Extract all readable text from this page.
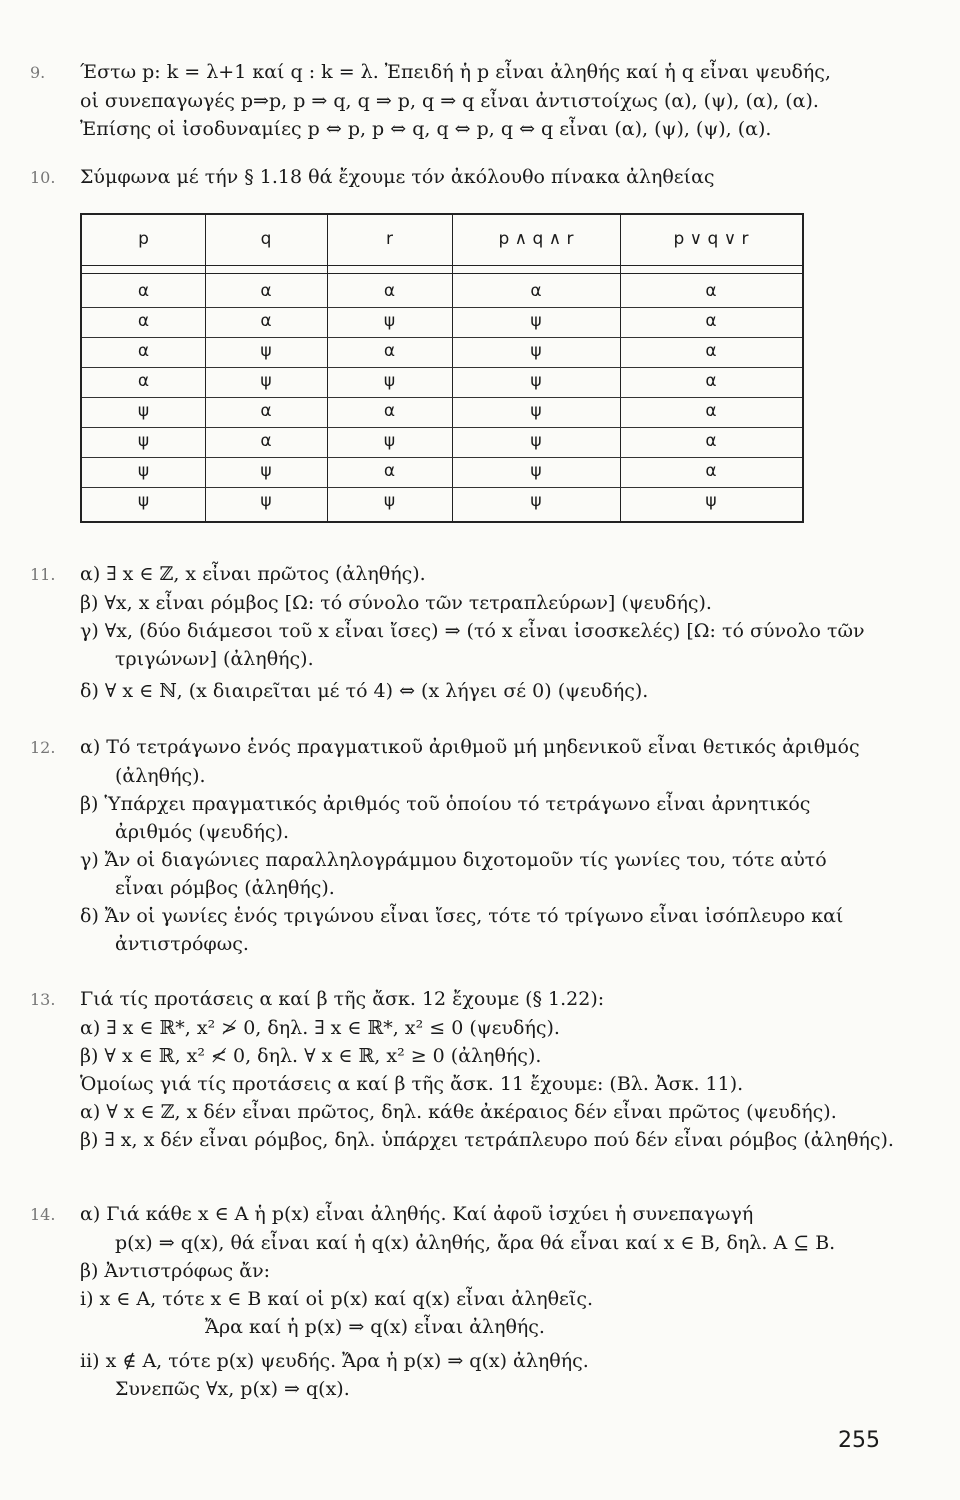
9. Έστω p: k = λ+1 καί q : k = λ. Ἐπειδή ἡ p εἶναι ἀληθής καί ἡ q εἶναι ψευδής,
οἱ συνεπαγωγές p⇒p, p ⇒ q, q ⇒ p, q ⇒ q εἶναι ἀντιστοίχως (α), (ψ), (α), (α).
Ἐπίσης οἱ ἰσοδυναμίες p ⇔ p, p ⇔ q, q ⇔ p, q ⇔ q εἶναι (α), (ψ), (ψ), (α).
10. Σύμφωνα μέ τήν § 1.18 θά ἔχουμε τόν ἀκόλουθο πίνακα ἀληθείας
p	q	r	p ∧ q ∧ r	p ∨ q ∨ r
α	α	α	α	α
α	α	ψ	ψ	α
α	ψ	α	ψ	α
α	ψ	ψ	ψ	α
ψ	α	α	ψ	α
ψ	α	ψ	ψ	α
ψ	ψ	α	ψ	α
ψ	ψ	ψ	ψ	ψ
11. α) ∃ x ∈ ℤ, x εἶναι πρῶτος (ἀληθής).
β) ∀x, x εἶναι ρόμβος [Ω: τό σύνολο τῶν τετραπλεύρων] (ψευδής).
γ) ∀x, (δύο διάμεσοι τοῦ x εἶναι ἴσες) ⇒ (τό x εἶναι ἰσοσκελές) [Ω: τό σύνολο τῶν
τριγώνων] (ἀληθής).
δ) ∀ x ∈ ℕ, (x διαιρεῖται μέ τό 4) ⇔ (x λήγει σέ 0) (ψευδής).
12. α) Τό τετράγωνο ἑνός πραγματικοῦ ἀριθμοῦ μή μηδενικοῦ εἶναι θετικός ἀριθμός
(ἀληθής).
β) Ὑπάρχει πραγματικός ἀριθμός τοῦ ὁποίου τό τετράγωνο εἶναι ἀρνητικός
ἀριθμός (ψευδής).
γ) Ἄν οἱ διαγώνιες παραλληλογράμμου διχοτομοῦν τίς γωνίες του, τότε αὐτό
εἶναι ρόμβος (ἀληθής).
δ) Ἄν οἱ γωνίες ἑνός τριγώνου εἶναι ἴσες, τότε τό τρίγωνο εἶναι ἰσόπλευρο καί
ἀντιστρόφως.
13. Γιά τίς προτάσεις α καί β τῆς ἄσκ. 12 ἔχουμε (§ 1.22):
α) ∃ x ∈ ℝ*, x² ≯ 0, δηλ. ∃ x ∈ ℝ*, x² ≤ 0 (ψευδής).
β) ∀ x ∈ ℝ, x² ≮ 0, δηλ. ∀ x ∈ ℝ, x² ≥ 0 (ἀληθής).
Ὁμοίως γιά τίς προτάσεις α καί β τῆς ἄσκ. 11 ἔχουμε: (Βλ. Ἀσκ. 11).
α) ∀ x ∈ ℤ, x δέν εἶναι πρῶτος, δηλ. κάθε ἀκέραιος δέν εἶναι πρῶτος (ψευδής).
β) ∃ x, x δέν εἶναι ρόμβος, δηλ. ὑπάρχει τετράπλευρο πού δέν εἶναι ρόμβος (ἀληθής).
14. α) Γιά κάθε x ∈ A ἡ p(x) εἶναι ἀληθής. Καί ἀφοῦ ἰσχύει ἡ συνεπαγωγή
p(x) ⇒ q(x), θά εἶναι καί ἡ q(x) ἀληθής, ἄρα θά εἶναι καί x ∈ B, δηλ. A ⊆ B.
β) Ἀντιστρόφως ἄν:
i) x ∈ A, τότε x ∈ B καί οἱ p(x) καί q(x) εἶναι ἀληθεῖς.
Ἄρα καί ἡ p(x) ⇒ q(x) εἶναι ἀληθής.
ii) x ∉ A, τότε p(x) ψευδής. Ἄρα ἡ p(x) ⇒ q(x) ἀληθής.
Συνεπῶς ∀x, p(x) ⇒ q(x).
255
